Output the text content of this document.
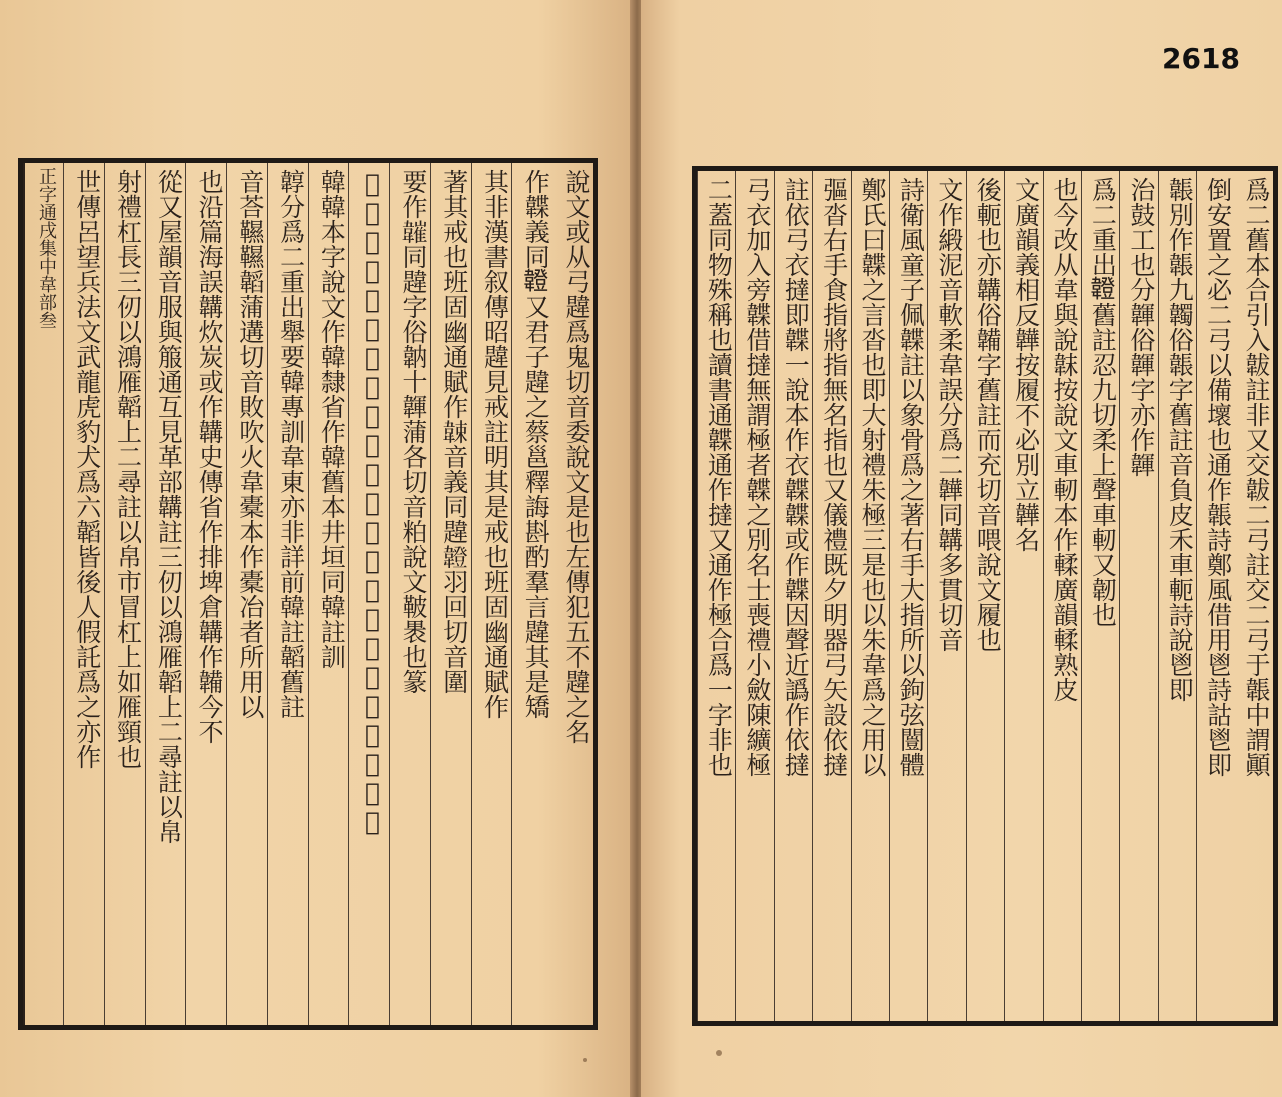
正字通戌集中韋部叁	說文或从弓韙爲鬼切音委說文是也左傳犯五不韙之名
作韘義同𩏠又君子韙之蔡邕釋誨斟酌羣言韙其是矯
其非漢書叙傳昭韙見戒註明其是戒也班固幽通賦作
著其戒也班固幽通賦作𩎯音義同韙𩏠羽回切音圍
要作𩏘同韙字俗䪏十韗蒲各切音粕說文鞁褁也篆
𩎟𩏘字俗䪏舊註音訓同前韜誤作韣轉與韕同說文分二
韓韓本字說文作韓隸省作韓舊本井垣同韓註訓
韕分爲二重出舉要韓專訓韋東亦非詳前韓註韜舊註
音荅韅韅韜蒲遘切音敗吹火韋橐本作橐冶者所用以
也沿篇海誤韝炊炭或作韝史傳省作排埤倉韝作韛今不
從又屋韻音服與箙通互見革部韝註三仞以鴻雁韜上二尋註以帛
射禮杠長三仞以鴻雁韜上二尋註以帛市冒杠上如雁頸也
世傳呂望兵法文武龍虎豹犬爲六韜皆後人假託爲之亦作	爲二舊本合引入韍註非又交韍二弓註交二弓于韔中謂顚
倒安置之必二弓以備壞也通作韔詩鄭風借用鬯詩詁鬯即
韔別作韔九韣俗韔字舊註音負皮禾車軛詩說鬯即
治鼓工也分韗俗韗字亦作韗
爲二重出𩏠舊註忍九切柔上聲車軔又韌也
也今改从韋與說韎按說文車軔本作輮廣韻輮熟皮
文廣韻義相反韡按履不必別立韡名
後軛也亦韝俗韛字舊註而充切音喂說文履也
文作緞泥音軟柔韋誤分爲二韡同韝多貫切音
詩衛風童子佩韘註以象骨爲之著右手大指所以鉤弦闓體
鄭氏曰韘之言沓也即大射禮朱極三是也以朱韋爲之用以
彄沓右手食指將指無名指也又儀禮既夕明器弓矢設依撻
註依弓衣撻即韘一說本作衣韘韘或作韘因聲近譌作依撻
弓衣加入旁韘借撻無謂極者韘之別名士喪禮小斂陳纊極
二蓋同物殊稱也讀書通韘通作撻又通作極合爲一字非也
2618
